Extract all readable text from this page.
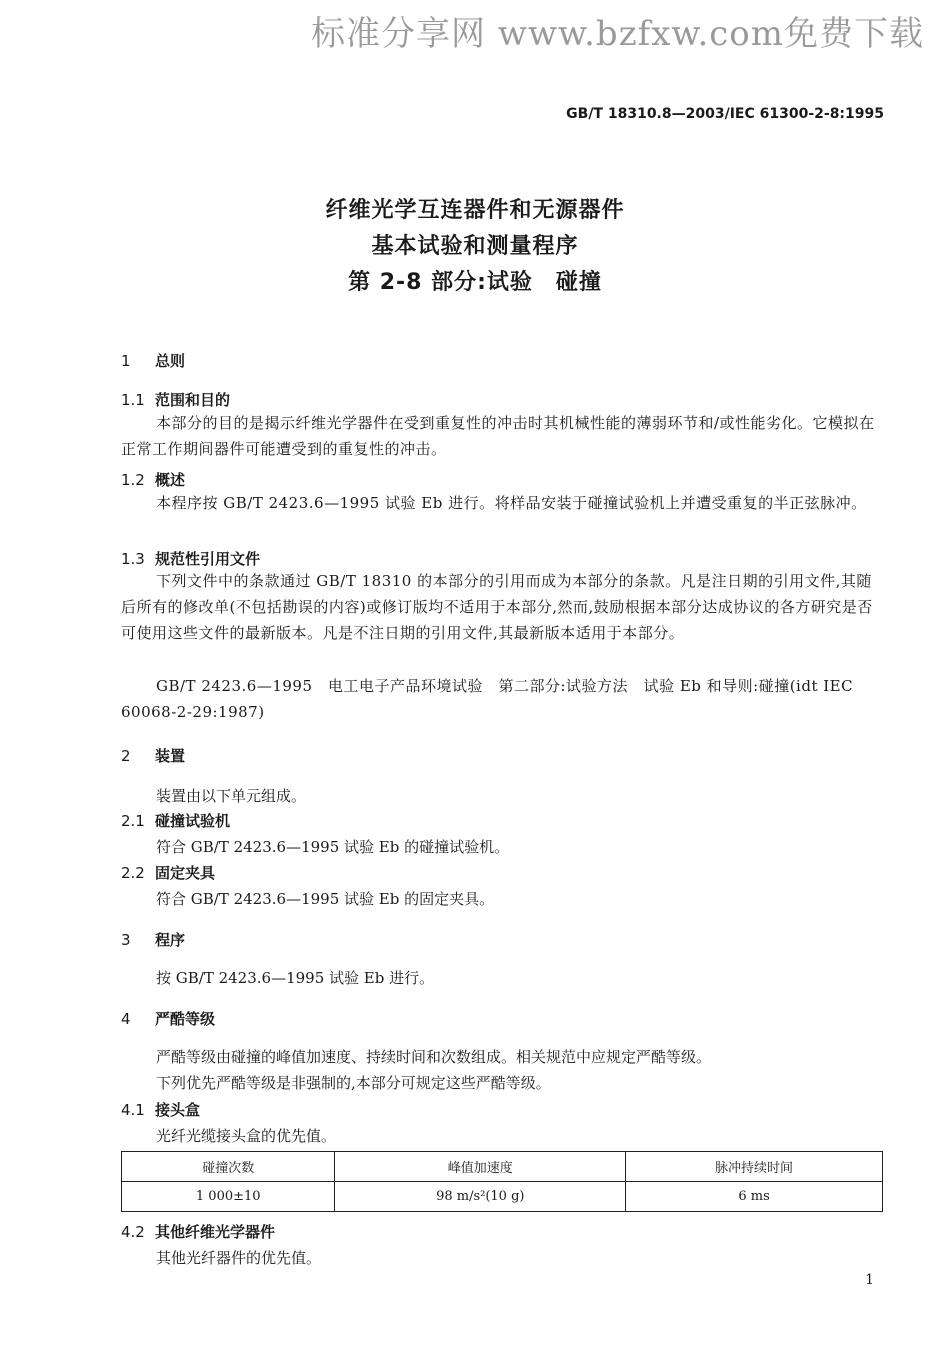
标准分享网 www.bzfxw.com免费下载
GB/T 18310.8—2003/IEC 61300-2-8:1995
纤维光学互连器件和无源器件
基本试验和测量程序
第 2-8 部分:试验　碰撞
1 总则
1.1 范围和目的
本部分的目的是揭示纤维光学器件在受到重复性的冲击时其机械性能的薄弱环节和/或性能劣化。它模拟在正常工作期间器件可能遭受到的重复性的冲击。
1.2 概述
本程序按 GB/T 2423.6—1995 试验 Eb 进行。将样品安装于碰撞试验机上并遭受重复的半正弦脉冲。
1.3 规范性引用文件
下列文件中的条款通过 GB/T 18310 的本部分的引用而成为本部分的条款。凡是注日期的引用文件,其随后所有的修改单(不包括勘误的内容)或修订版均不适用于本部分,然而,鼓励根据本部分达成协议的各方研究是否可使用这些文件的最新版本。凡是不注日期的引用文件,其最新版本适用于本部分。
GB/T 2423.6—1995　电工电子产品环境试验　第二部分:试验方法　试验 Eb 和导则:碰撞(idt IEC 60068-2-29:1987)
2 装置
装置由以下单元组成。
2.1 碰撞试验机
符合 GB/T 2423.6—1995 试验 Eb 的碰撞试验机。
2.2 固定夹具
符合 GB/T 2423.6—1995 试验 Eb 的固定夹具。
3 程序
按 GB/T 2423.6—1995 试验 Eb 进行。
4 严酷等级
严酷等级由碰撞的峰值加速度、持续时间和次数组成。相关规范中应规定严酷等级。
下列优先严酷等级是非强制的,本部分可规定这些严酷等级。
4.1 接头盒
光纤光缆接头盒的优先值。
碰撞次数	峰值加速度	脉冲持续时间
1 000±10	98 m/s²(10 g)	6 ms
4.2 其他纤维光学器件
其他光纤器件的优先值。
1
